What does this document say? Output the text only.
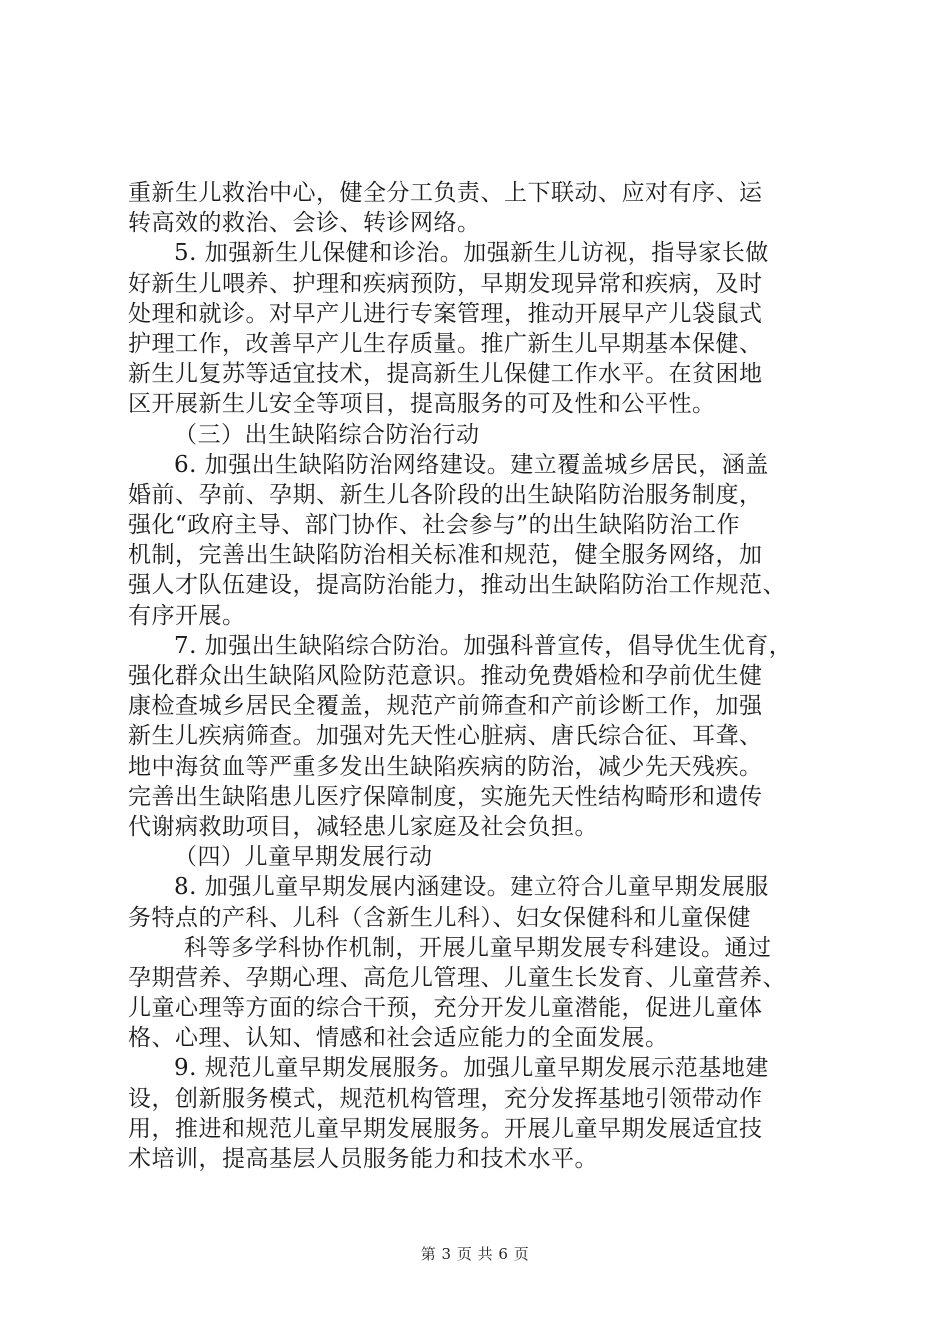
重新生儿救治中心，健全分工负责、上下联动、应对有序、运
转高效的救治、会诊、转诊网络。
5. 加强新生儿保健和诊治。加强新生儿访视，指导家长做
好新生儿喂养、护理和疾病预防，早期发现异常和疾病，及时
处理和就诊。对早产儿进行专案管理，推动开展早产儿袋鼠式
护理工作，改善早产儿生存质量。推广新生儿早期基本保健、
新生儿复苏等适宜技术，提高新生儿保健工作水平。在贫困地
区开展新生儿安全等项目，提高服务的可及性和公平性。
（三）出生缺陷综合防治行动
6. 加强出生缺陷防治网络建设。建立覆盖城乡居民，涵盖
婚前、孕前、孕期、新生儿各阶段的出生缺陷防治服务制度，
强化“政府主导、部门协作、社会参与”的出生缺陷防治工作
机制，完善出生缺陷防治相关标准和规范，健全服务网络，加
强人才队伍建设，提高防治能力，推动出生缺陷防治工作规范、
有序开展。
7. 加强出生缺陷综合防治。加强科普宣传，倡导优生优育，
强化群众出生缺陷风险防范意识。推动免费婚检和孕前优生健
康检查城乡居民全覆盖，规范产前筛查和产前诊断工作，加强
新生儿疾病筛查。加强对先天性心脏病、唐氏综合征、耳聋、
地中海贫血等严重多发出生缺陷疾病的防治，减少先天残疾。
完善出生缺陷患儿医疗保障制度，实施先天性结构畸形和遗传
代谢病救助项目，减轻患儿家庭及社会负担。
（四）儿童早期发展行动
8. 加强儿童早期发展内涵建设。建立符合儿童早期发展服
务特点的产科、儿科（含新生儿科）、妇女保健科和儿童保健
科等多学科协作机制，开展儿童早期发展专科建设。通过
孕期营养、孕期心理、高危儿管理、儿童生长发育、儿童营养、
儿童心理等方面的综合干预，充分开发儿童潜能，促进儿童体
格、心理、认知、情感和社会适应能力的全面发展。
9. 规范儿童早期发展服务。加强儿童早期发展示范基地建
设，创新服务模式，规范机构管理，充分发挥基地引领带动作
用，推进和规范儿童早期发展服务。开展儿童早期发展适宜技
术培训，提高基层人员服务能力和技术水平。
第 3 页 共 6 页
